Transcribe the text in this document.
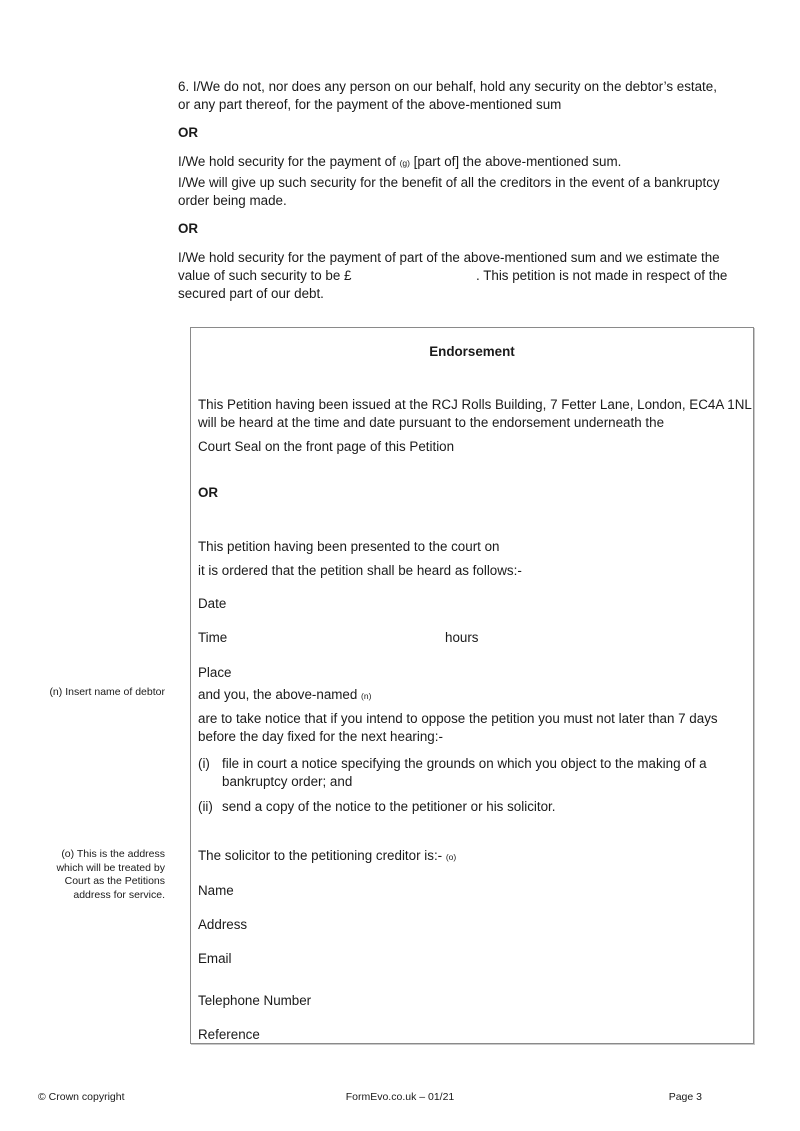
6. I/We do not, nor does any person on our behalf, hold any security on the debtor’s estate,
or any part thereof, for the payment of the above-mentioned sum
OR
I/We hold security for the payment of (g) [part of] the above-mentioned sum.
I/We will give up such security for the benefit of all the creditors in the event of a bankruptcy
order being made.
OR
I/We hold security for the payment of part of the above-mentioned sum and we estimate the
value of such security to be £	. This petition is not made in respect of the
secured part of our debt.
Endorsement
This Petition having been issued at the RCJ Rolls Building, 7 Fetter Lane, London, EC4A 1NL
will be heard at the time and date pursuant to the endorsement underneath the
Court Seal on the front page of this Petition
OR
This petition having been presented to the court on
it is ordered that the petition shall be heard as follows:-
Date
Time	hours
Place
and you, the above-named (n)
are to take notice that if you intend to oppose the petition you must not later than 7 days
before the day fixed for the next hearing:-
(i) file in court a notice specifying the grounds on which you object to the making of a
bankruptcy order; and
(ii) send a copy of the notice to the petitioner or his solicitor.
The solicitor to the petitioning creditor is:- (o)
Name
Address
Email
Telephone Number
Reference
(n) Insert name of debtor
(o) This is the address
which will be treated by
Court as the Petitions
address for service.
© Crown copyright	FormEvo.co.uk – 01/21	Page 3
